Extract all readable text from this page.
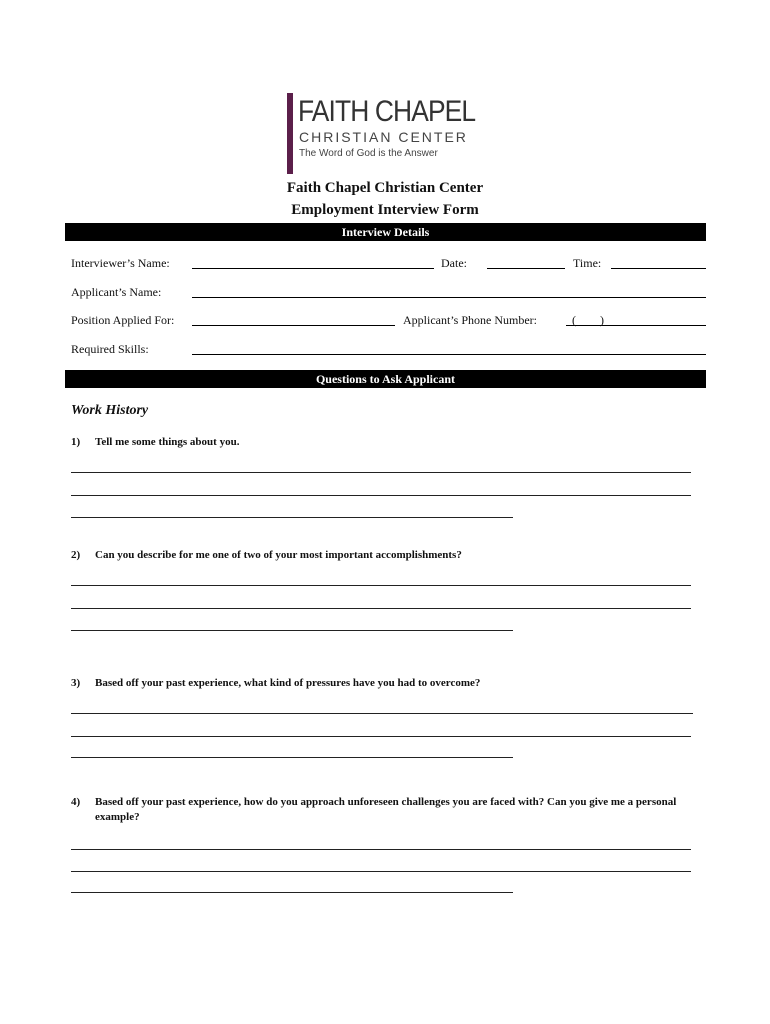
FAITH CHAPEL
CHRISTIAN CENTER
The Word of God is the Answer
Faith Chapel Christian Center
Employment Interview Form
Interview Details
Interviewer’s Name:	Date:	Time:
Applicant’s Name:
Position Applied For:	Applicant’s Phone Number:	(        )
Required Skills:
Questions to Ask Applicant
Work History
1) Tell me some things about you.
2) Can you describe for me one of two of your most important accomplishments?
3) Based off your past experience, what kind of pressures have you had to overcome?
4) Based off your past experience, how do you approach unforeseen challenges you are faced with? Can you give me a personal example?
